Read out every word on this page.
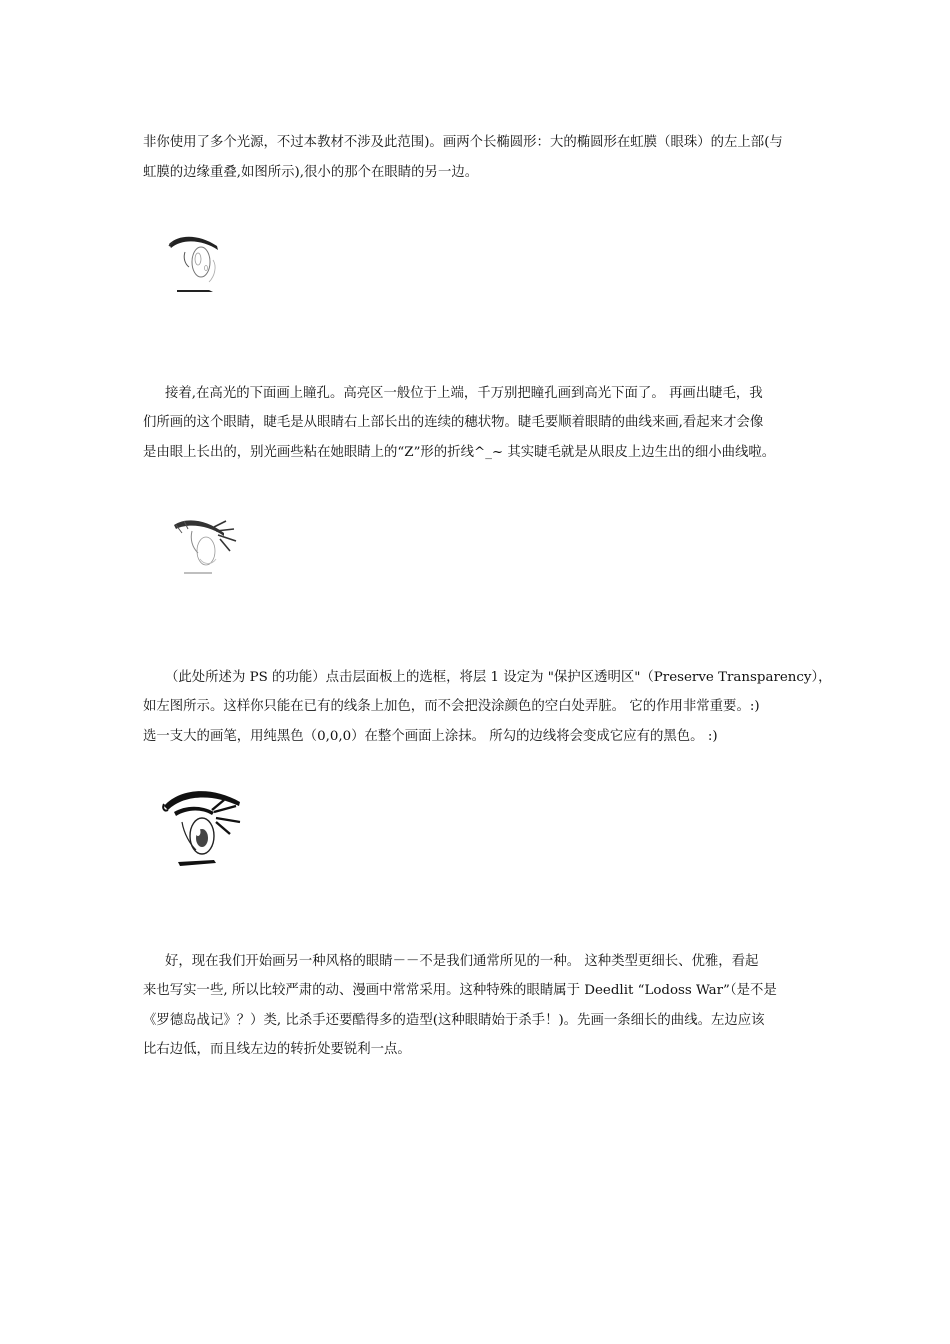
非你使用了多个光源，不过本教材不涉及此范围)。画两个长椭圆形：大的椭圆形在虹膜（眼珠）的左上部(与
虹膜的边缘重叠,如图所示),很小的那个在眼睛的另一边。
接着,在高光的下面画上瞳孔。高亮区一般位于上端，千万别把瞳孔画到高光下面了。 再画出睫毛，我
们所画的这个眼睛，睫毛是从眼睛右上部长出的连续的穗状物。睫毛要顺着眼睛的曲线来画,看起来才会像
是由眼上长出的，别光画些粘在她眼睛上的“Z”形的折线^_~ 其实睫毛就是从眼皮上边生出的细小曲线啦。
（此处所述为 PS 的功能）点击层面板上的选框，将层 1 设定为 "保护区透明区"（Preserve Transparency），
如左图所示。这样你只能在已有的线条上加色，而不会把没涂颜色的空白处弄脏。 它的作用非常重要。:)
选一支大的画笔，用纯黑色（0,0,0）在整个画面上涂抹。 所勾的边线将会变成它应有的黑色。 :)
好，现在我们开始画另一种风格的眼睛－－不是我们通常所见的一种。 这种类型更细长、优雅，看起
来也写实一些, 所以比较严肃的动、漫画中常常采用。这种特殊的眼睛属于 Deedlit “Lodoss War”（是不是
《罗德岛战记》？）类, 比杀手还要酷得多的造型(这种眼睛始于杀手！)。先画一条细长的曲线。左边应该
比右边低，而且线左边的转折处要锐利一点。
